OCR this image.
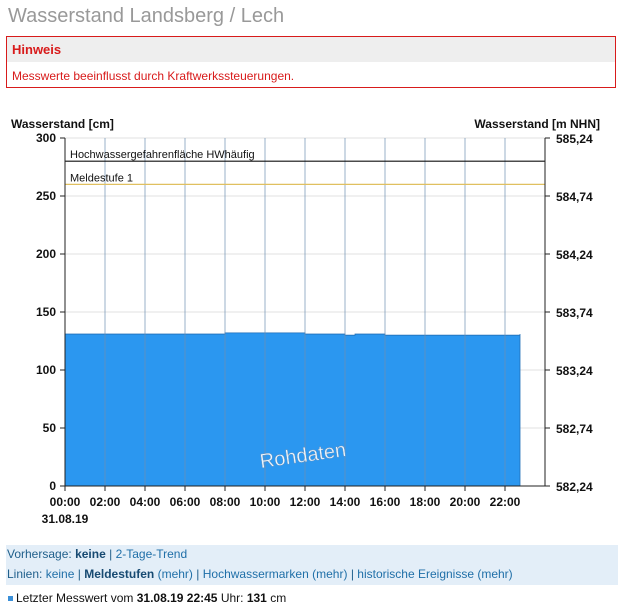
Wasserstand Landsberg / Lech
Hinweis
Messwerte beeinflusst durch Kraftwerkssteuerungen.
Wasserstand [cm]	Wasserstand [m NHN]
Hochwassergefahrenfläche HWhäufig
Meldestufe 1
0
50
100
150
200
250
300
582,24
582,74
583,24
583,74
584,24
584,74
585,24
00:00 02:00 04:00 06:00 08:00 10:00 12:00 14:00 16:00 18:00 20:00 22:00
31.08.19
Rohdaten
Vorhersage: keine | 2-Tage-Trend
Linien: keine | Meldestufen (mehr) | Hochwassermarken (mehr) | historische Ereignisse (mehr)
Letzter Messwert vom 31.08.19 22:45 Uhr: 131 cm
